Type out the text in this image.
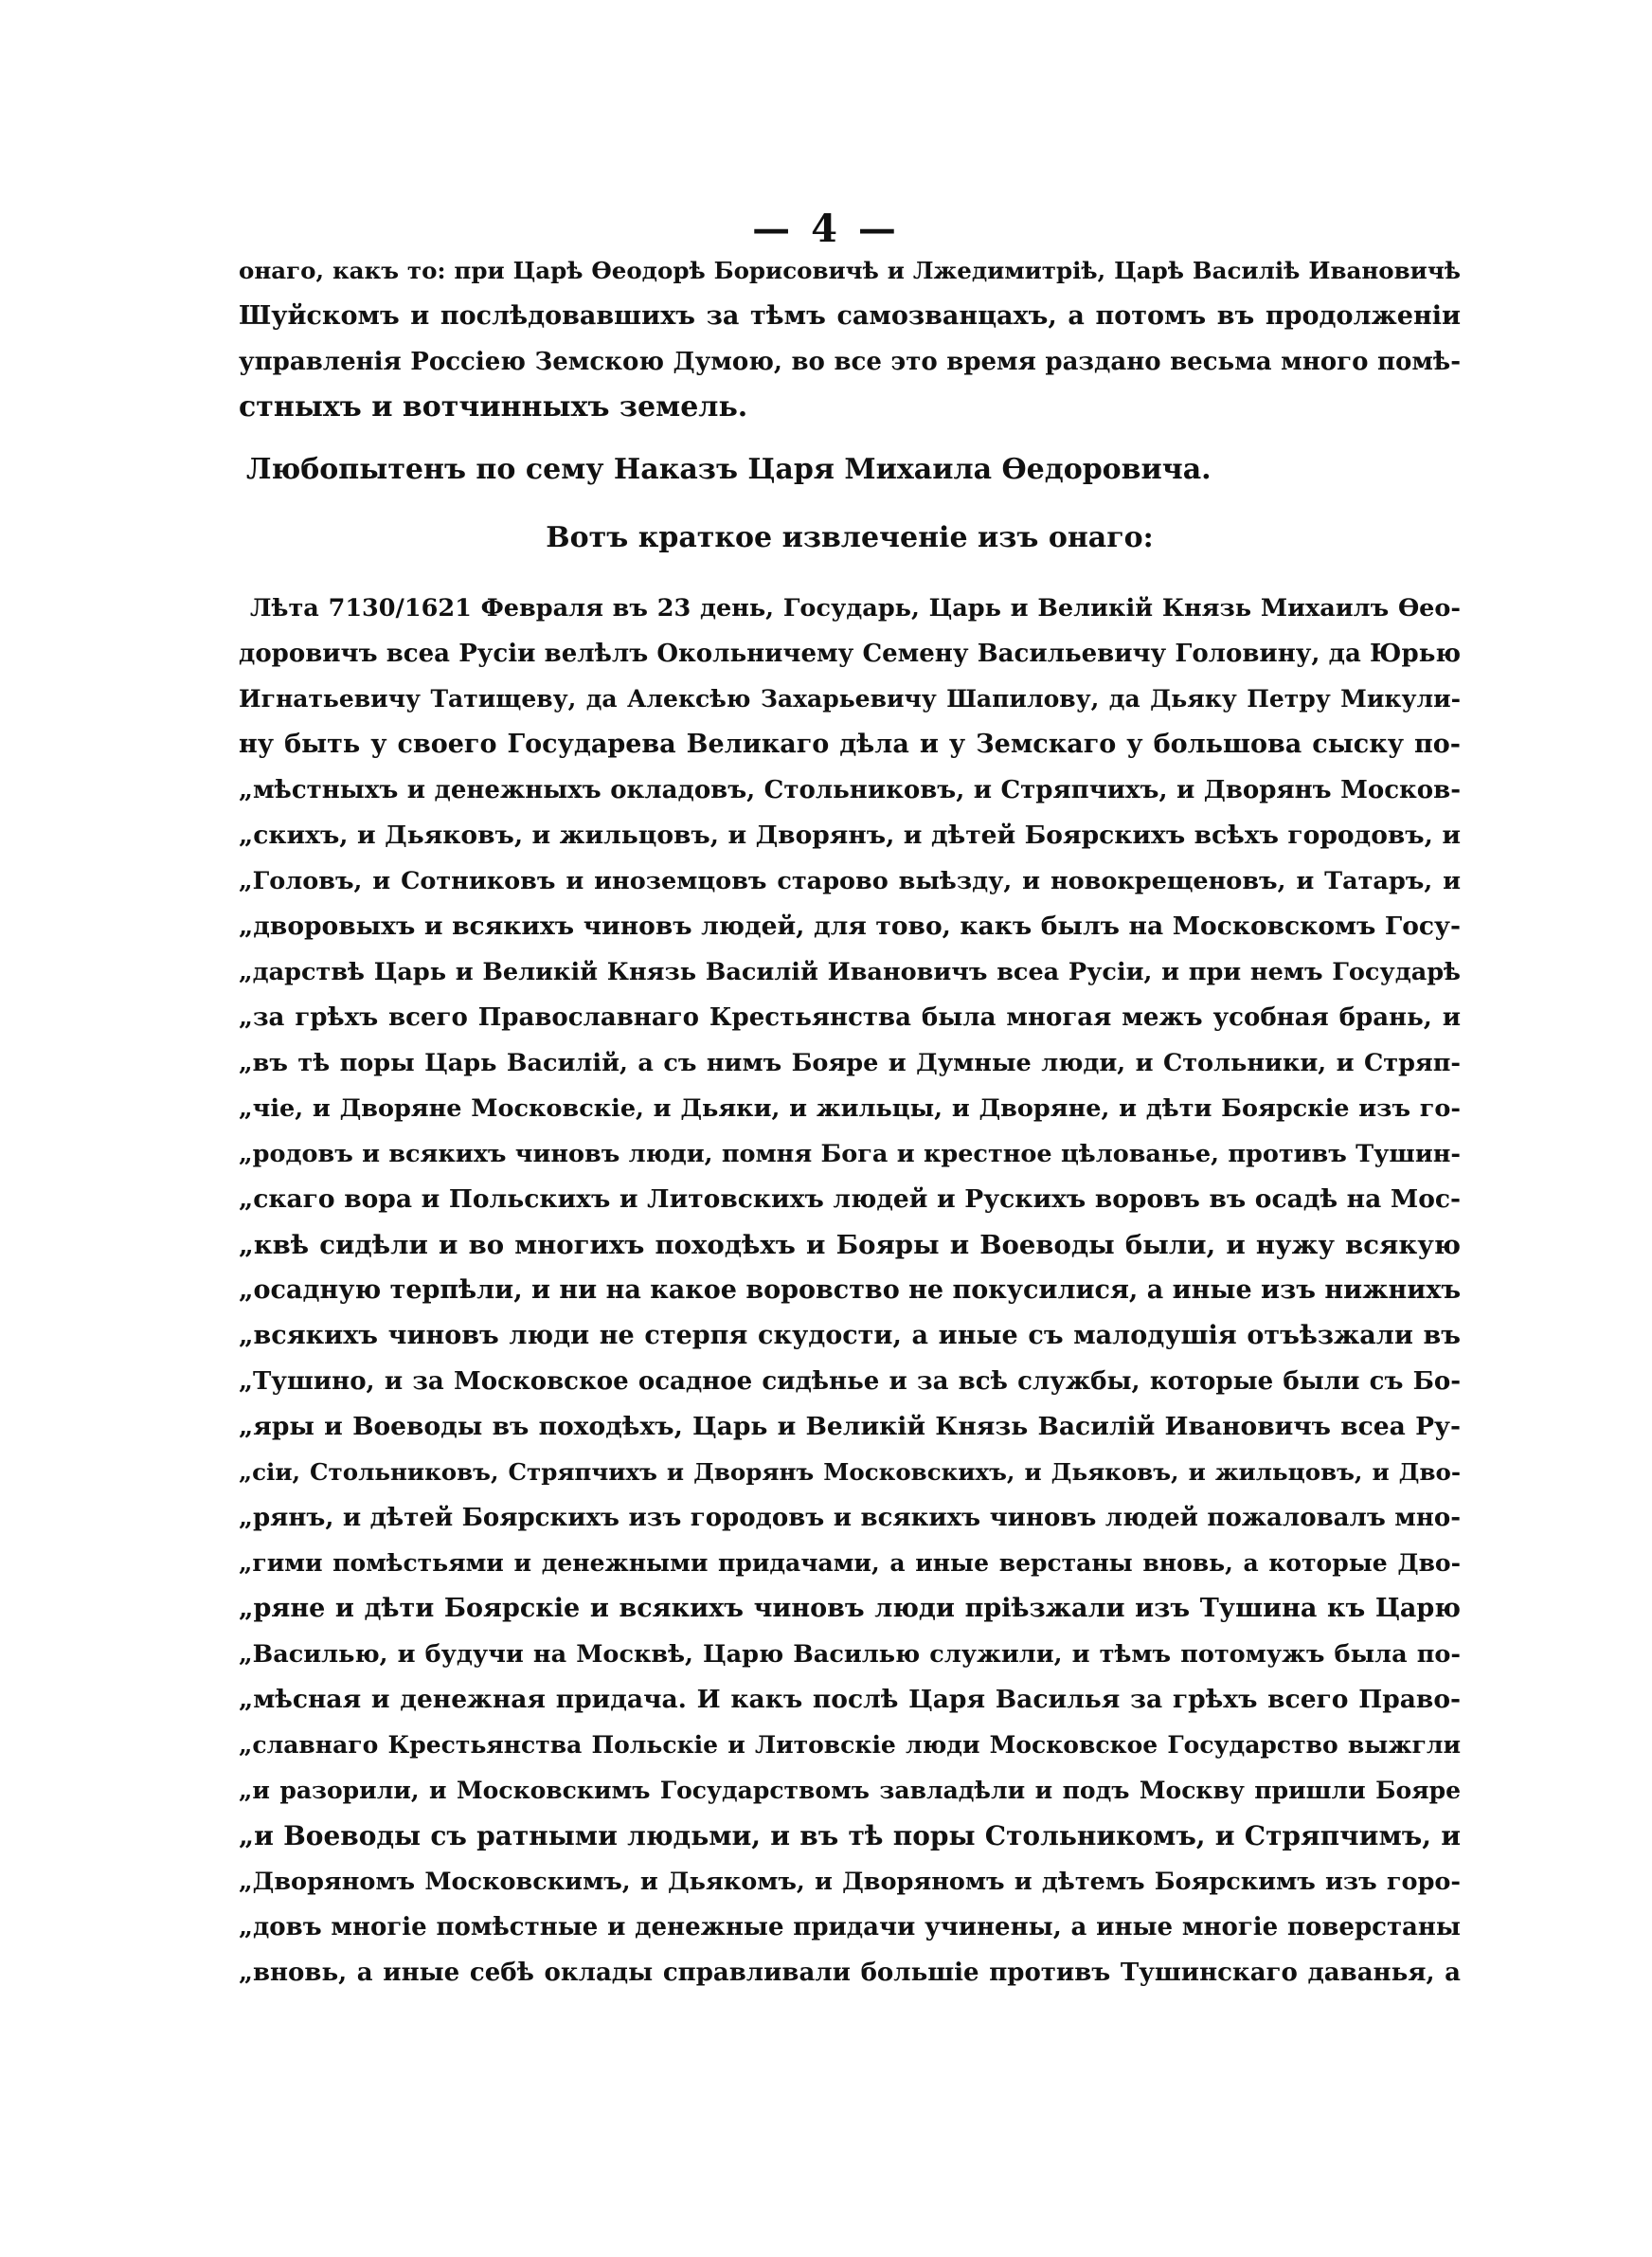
— 4 —
онаго, какъ то: при Царѣ Ѳеодорѣ Борисовичѣ и Лжедимитріѣ, Царѣ Василіѣ Ивановичѣ
Шуйскомъ и послѣдовавшихъ за тѣмъ самозванцахъ, а потомъ въ продолженіи
управленія Россіею Земскою Думою, во все это время раздано весьма много помѣ-
стныхъ и вотчинныхъ земель.
Любопытенъ по сему Наказъ Царя Михаила Ѳедоровича.
Вотъ краткое извлеченіе изъ онаго:
Лѣта 7130/1621 Февраля въ 23 день, Государь, Царь и Великій Князь Михаилъ Ѳео-
доровичъ всеа Русіи велѣлъ Окольничему Семену Васильевичу Головину, да Юрью
Игнатьевичу Татищеву, да Алексѣю Захарьевичу Шапилову, да Дьяку Петру Микули-
ну быть у своего Государева Великаго дѣла и у Земскаго у большова сыску по-
„мѣстныхъ и денежныхъ окладовъ, Стольниковъ, и Стряпчихъ, и Дворянъ Москов-
„скихъ, и Дьяковъ, и жильцовъ, и Дворянъ, и дѣтей Боярскихъ всѣхъ городовъ, и
„Головъ, и Сотниковъ и иноземцовъ старово выѣзду, и новокрещеновъ, и Татаръ, и
„дворовыхъ и всякихъ чиновъ людей, для тово, какъ былъ на Московскомъ Госу-
„дарствѣ Царь и Великій Князь Василій Ивановичъ всеа Русіи, и при немъ Государѣ
„за грѣхъ всего Православнаго Крестьянства была многая межъ усобная брань, и
„въ тѣ поры Царь Василій, а съ нимъ Бояре и Думные люди, и Стольники, и Стряп-
„чіе, и Дворяне Московскіе, и Дьяки, и жильцы, и Дворяне, и дѣти Боярскіе изъ го-
„родовъ и всякихъ чиновъ люди, помня Бога и крестное цѣлованье, противъ Тушин-
„скаго вора и Польскихъ и Литовскихъ людей и Рускихъ воровъ въ осадѣ на Мос-
„квѣ сидѣли и во многихъ походѣхъ и Бояры и Воеводы были, и нужу всякую
„осадную терпѣли, и ни на какое воровство не покусилися, а иные изъ нижнихъ
„всякихъ чиновъ люди не стерпя скудости, а иные съ малодушія отъѣзжали въ
„Тушино, и за Московское осадное сидѣнье и за всѣ службы, которые были съ Бо-
„яры и Воеводы въ походѣхъ, Царь и Великій Князь Василій Ивановичъ всеа Ру-
„сіи, Стольниковъ, Стряпчихъ и Дворянъ Московскихъ, и Дьяковъ, и жильцовъ, и Дво-
„рянъ, и дѣтей Боярскихъ изъ городовъ и всякихъ чиновъ людей пожаловалъ мно-
„гими помѣстьями и денежными придачами, а иные верстаны вновь, а которые Дво-
„ряне и дѣти Боярскіе и всякихъ чиновъ люди пріѣзжали изъ Тушина къ Царю
„Василью, и будучи на Москвѣ, Царю Василью служили, и тѣмъ потомужъ была по-
„мѣсная и денежная придача. И какъ послѣ Царя Василья за грѣхъ всего Право-
„славнаго Крестьянства Польскіе и Литовскіе люди Московское Государство выжгли
„и разорили, и Московскимъ Государствомъ завладѣли и подъ Москву пришли Бояре
„и Воеводы съ ратными людьми, и въ тѣ поры Стольникомъ, и Стряпчимъ, и
„Дворяномъ Московскимъ, и Дьякомъ, и Дворяномъ и дѣтемъ Боярскимъ изъ горо-
„довъ многіе помѣстные и денежные придачи учинены, а иные многіе поверстаны
„вновь, а иные себѣ оклады справливали большіе противъ Тушинскаго даванья, а
